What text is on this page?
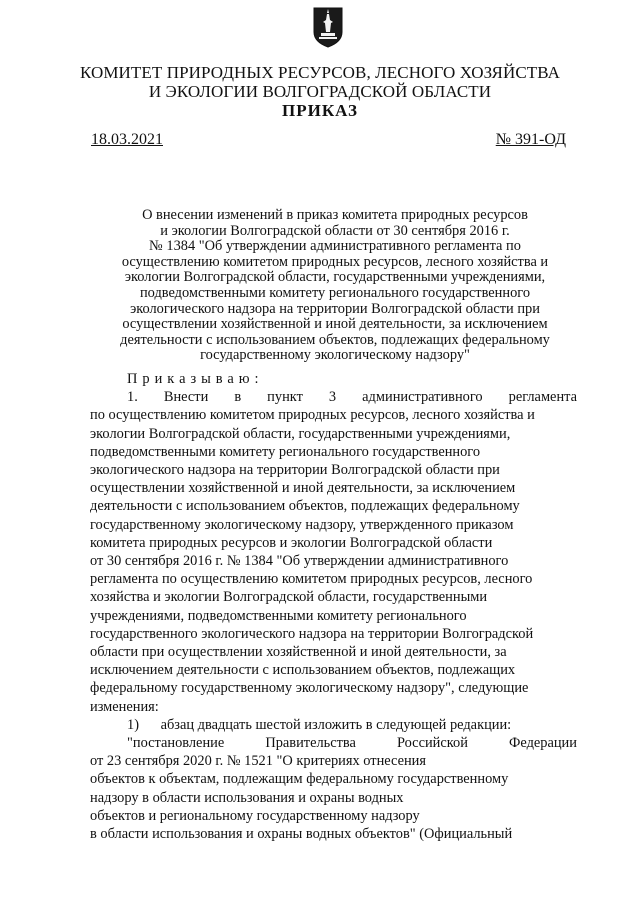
КОМИТЕТ ПРИРОДНЫХ РЕСУРСОВ, ЛЕСНОГО ХОЗЯЙСТВА
И ЭКОЛОГИИ ВОЛГОГРАДСКОЙ ОБЛАСТИ
ПРИКАЗ
18.03.2021	№ 391-ОД
О внесении изменений в приказ комитета природных ресурсов
и экологии Волгоградской области от 30 сентября 2016 г.
№ 1384 "Об утверждении административного регламента по
осуществлению комитетом природных ресурсов, лесного хозяйства и
экологии Волгоградской области, государственными учреждениями,
подведомственными комитету регионального государственного
экологического надзора на территории Волгоградской области при
осуществлении хозяйственной и иной деятельности, за исключением
деятельности с использованием объектов, подлежащих федеральному
государственному экологическому надзору"
Приказываю:
1. Внести в пункт 3 административного регламента
по осуществлению комитетом природных ресурсов, лесного хозяйства и
экологии Волгоградской области, государственными учреждениями,
подведомственными комитету регионального государственного
экологического надзора на территории Волгоградской области при
осуществлении хозяйственной и иной деятельности, за исключением
деятельности с использованием объектов, подлежащих федеральному
государственному экологическому надзору, утвержденного приказом
комитета природных ресурсов и экологии Волгоградской области
от 30 сентября 2016 г. № 1384 "Об утверждении административного
регламента по осуществлению комитетом природных ресурсов, лесного
хозяйства и экологии Волгоградской области, государственными
учреждениями, подведомственными комитету регионального
государственного экологического надзора на территории Волгоградской
области при осуществлении хозяйственной и иной деятельности, за
исключением деятельности с использованием объектов, подлежащих
федеральному государственному экологическому надзору", следующие
изменения:
1) абзац двадцать шестой изложить в следующей редакции:
"постановление	Правительства	Российской	Федерации
от 23 сентября 2020 г. № 1521 "О критериях отнесения
объектов к объектам, подлежащим федеральному государственному
надзору в области использования и охраны водных
объектов и региональному государственному надзору
в области использования и охраны водных объектов" (Официальный
